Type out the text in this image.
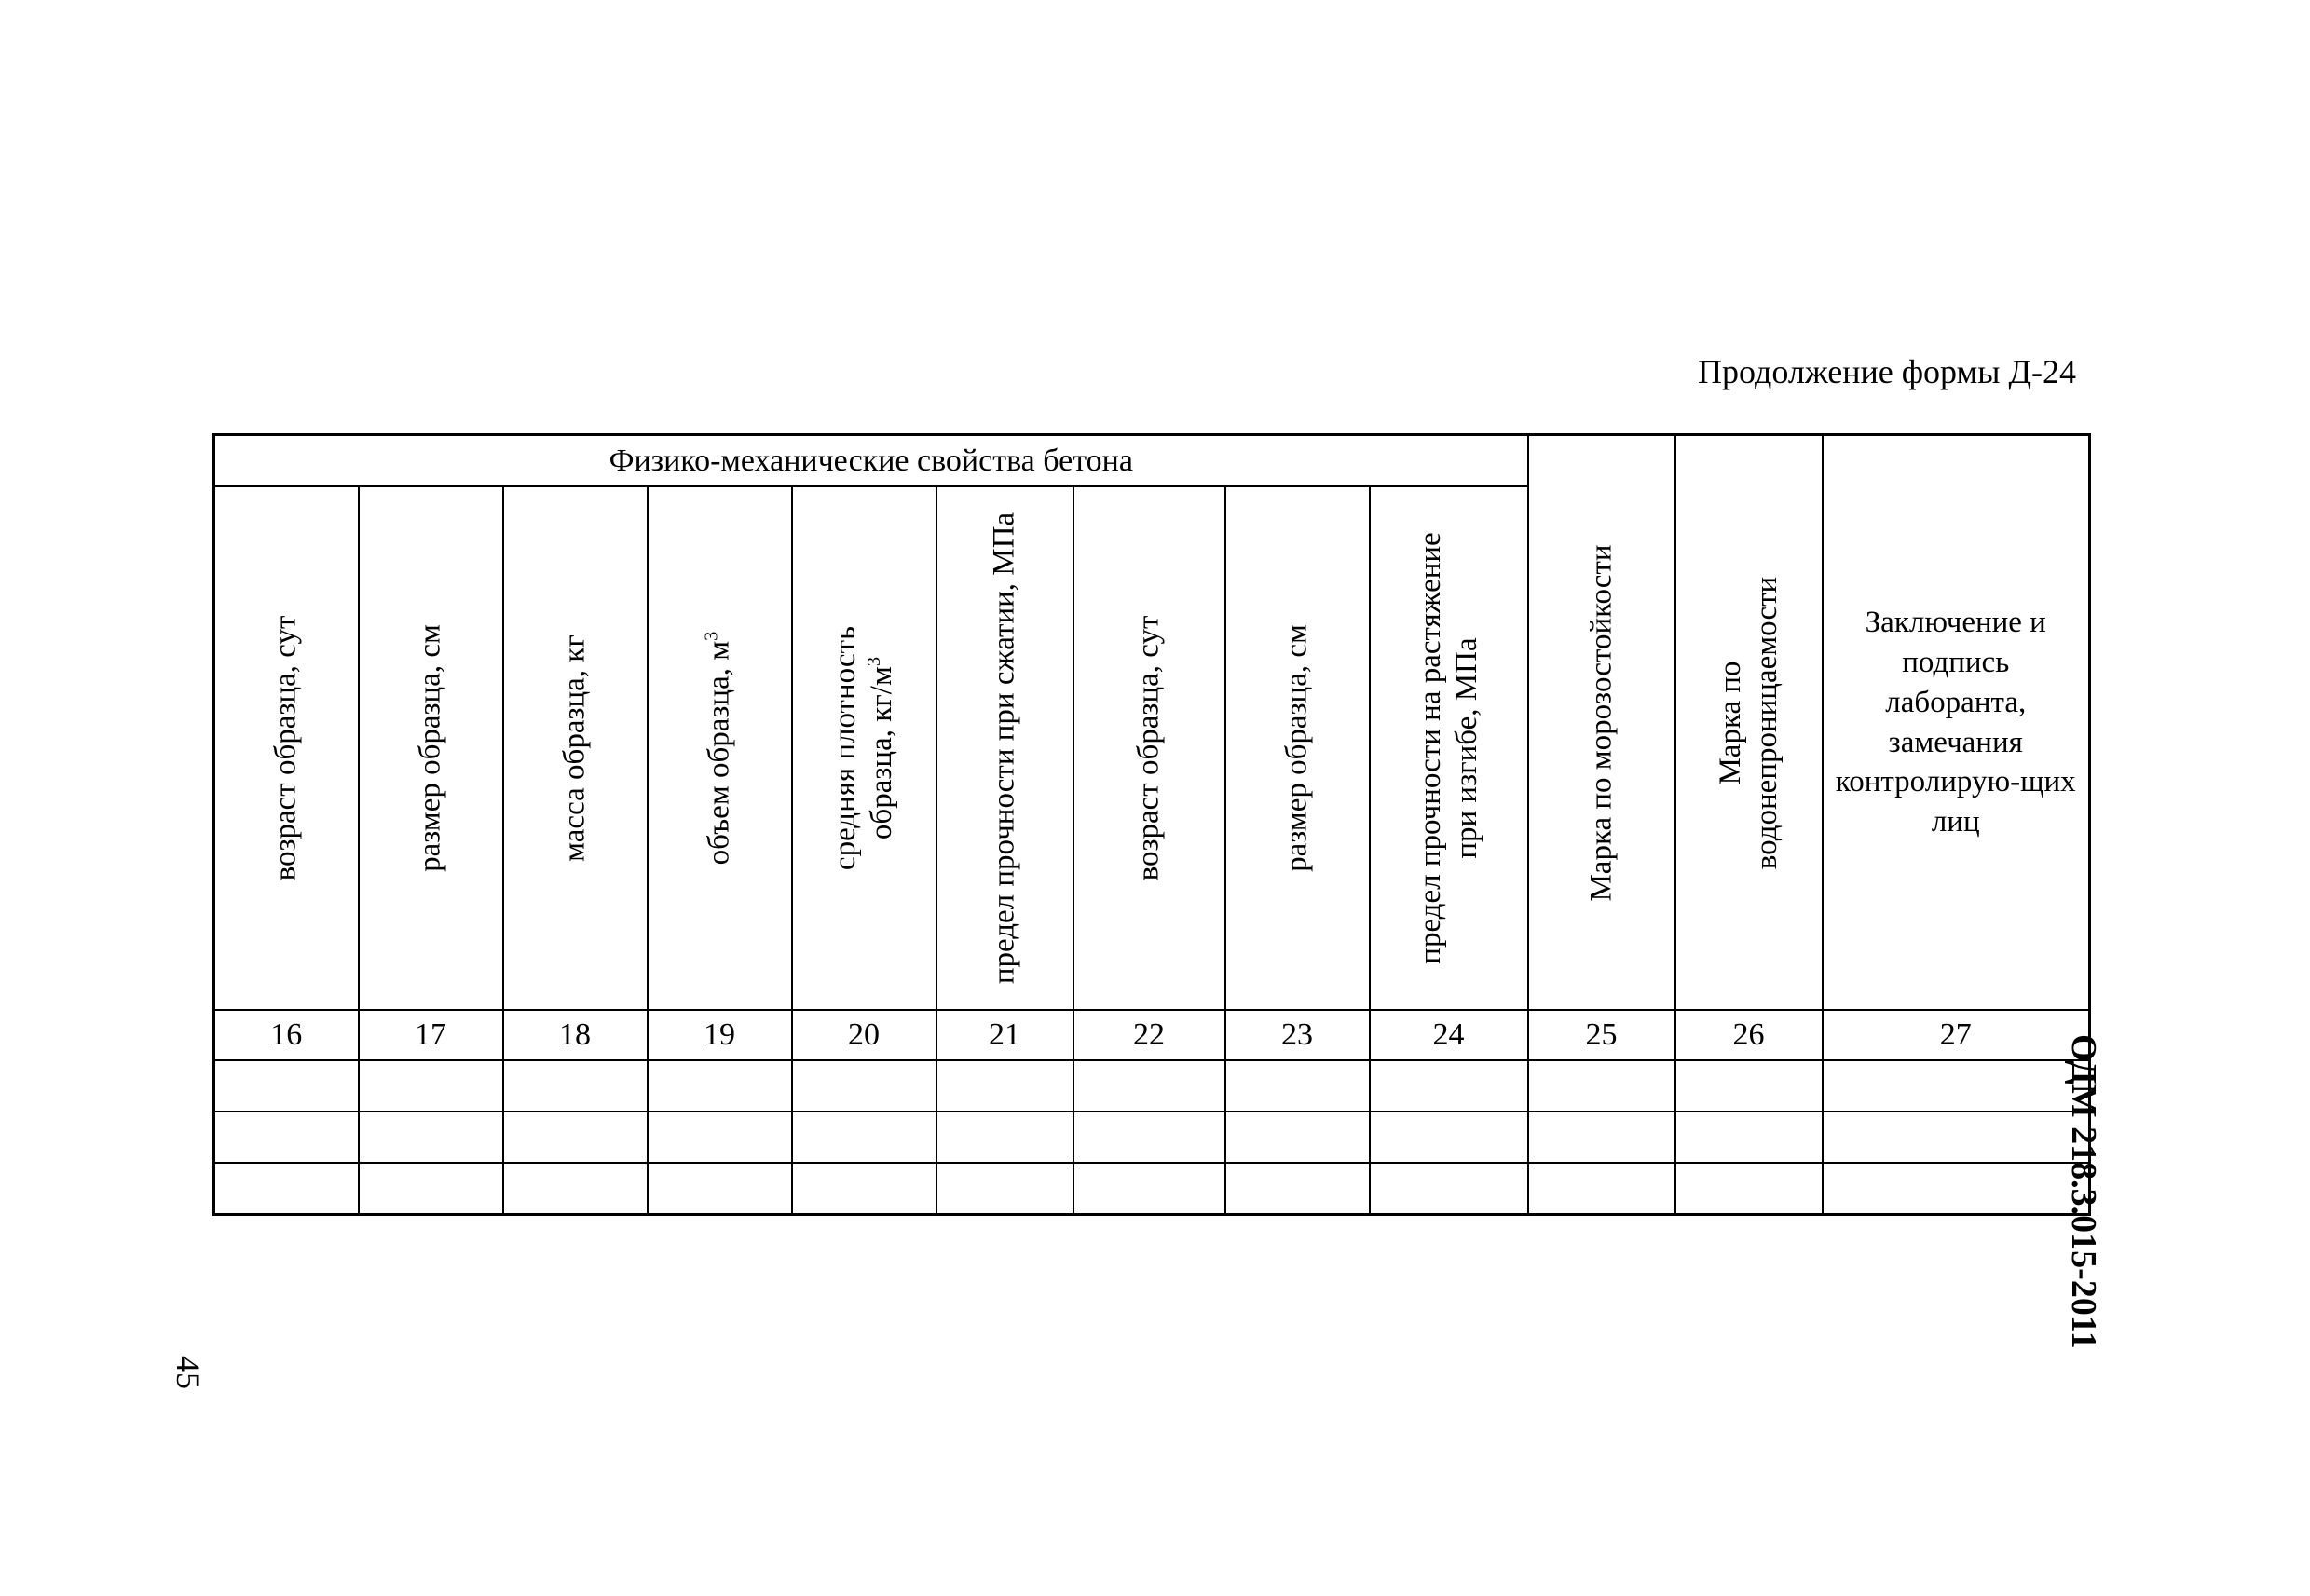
Продолжение формы Д-24
Физико-механические свойства бетона									Марка по морозостойкости	Марка по водонепроницаемости	Заключение и подпись лаборанта, замечания контролирую-щих лиц

возраст образца, сут	размер образца, см	масса образца, кг	объем образца, $м^3$	средняя плотность образца, $кг/м^3$	предел прочности при сжатии, МПа	возраст образца, сут	размер образца, см	предел прочности на растяжение при изгибе, МПа			

16	17	18	19	20	21	22	23	24	25	26	27

												ОДМ 218.3.015-2011
45
